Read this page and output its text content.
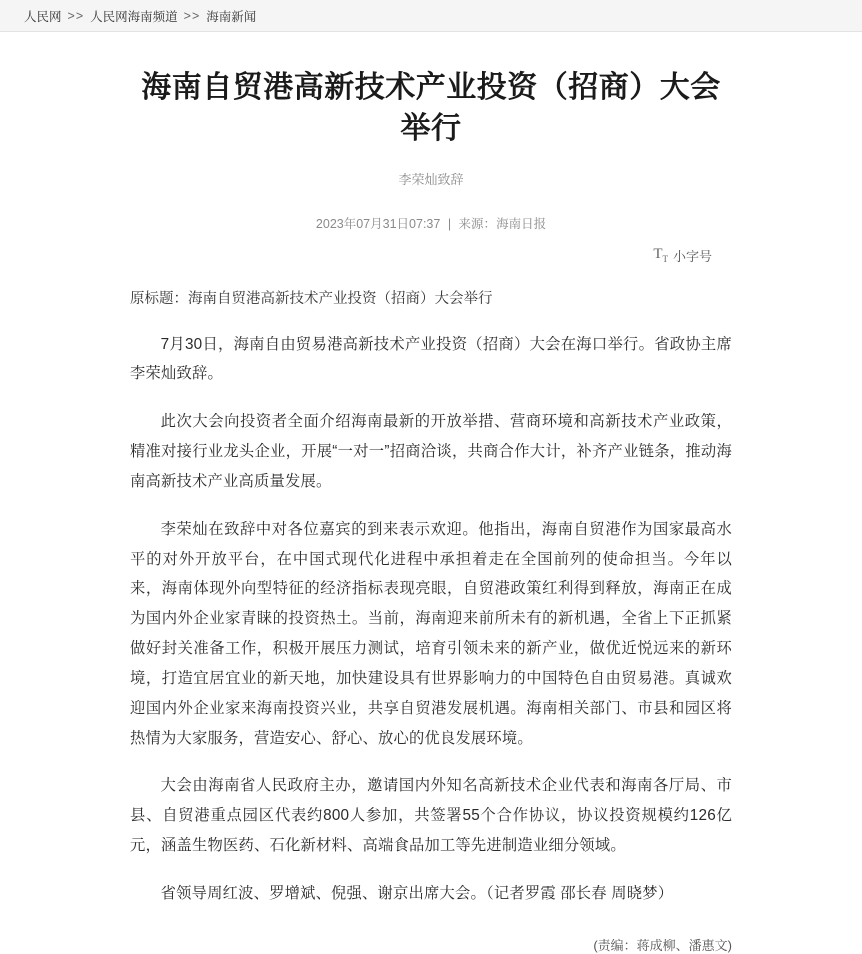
人民网 >> 人民网海南频道 >> 海南新闻
海南自贸港高新技术产业投资（招商）大会举行
李荣灿致辞
2023年07月31日07:37 | 来源：海南日报
$T_T$ 小字号
原标题：海南自贸港高新技术产业投资（招商）大会举行

7月30日，海南自由贸易港高新技术产业投资（招商）大会在海口举行。省政协主席李荣灿致辞。

此次大会向投资者全面介绍海南最新的开放举措、营商环境和高新技术产业政策，精准对接行业龙头企业，开展“一对一”招商洽谈，共商合作大计，补齐产业链条，推动海南高新技术产业高质量发展。

李荣灿在致辞中对各位嘉宾的到来表示欢迎。他指出，海南自贸港作为国家最高水平的对外开放平台，在中国式现代化进程中承担着走在全国前列的使命担当。今年以来，海南体现外向型特征的经济指标表现亮眼，自贸港政策红利得到释放，海南正在成为国内外企业家青睐的投资热土。当前，海南迎来前所未有的新机遇，全省上下正抓紧做好封关准备工作，积极开展压力测试，培育引领未来的新产业，做优近悦远来的新环境，打造宜居宜业的新天地，加快建设具有世界影响力的中国特色自由贸易港。真诚欢迎国内外企业家来海南投资兴业，共享自贸港发展机遇。海南相关部门、市县和园区将热情为大家服务，营造安心、舒心、放心的优良发展环境。

大会由海南省人民政府主办，邀请国内外知名高新技术企业代表和海南各厅局、市县、自贸港重点园区代表约800人参加，共签署55个合作协议，协议投资规模约126亿元，涵盖生物医药、石化新材料、高端食品加工等先进制造业细分领域。

省领导周红波、罗增斌、倪强、谢京出席大会。（记者罗霞 邵长春 周晓梦）

(责编：蒋成柳、潘惠文)
